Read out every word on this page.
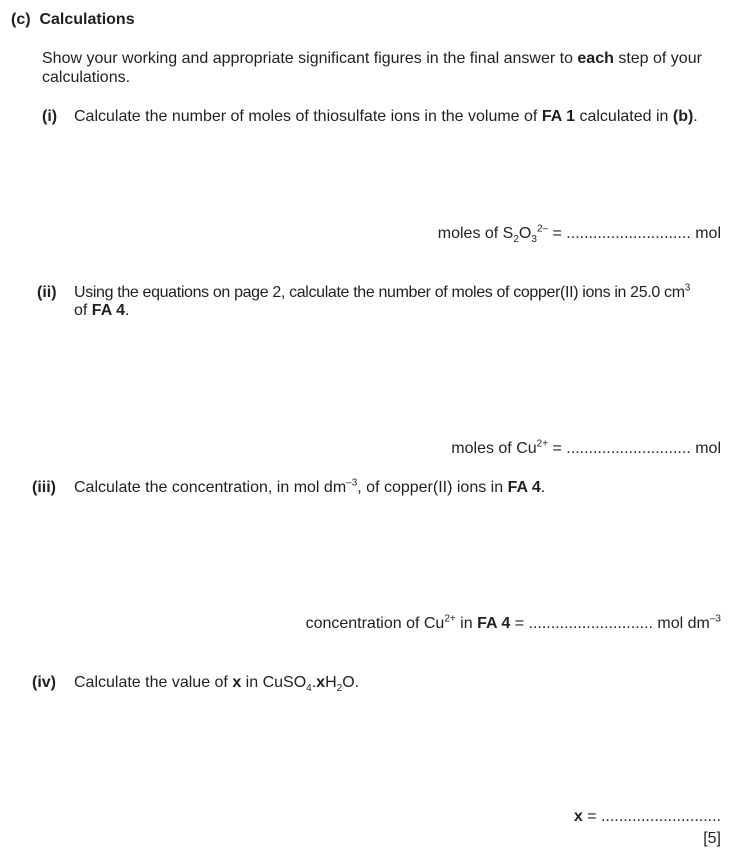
(c) Calculations
Show your working and appropriate significant figures in the final answer to each step of your
calculations.
(i) Calculate the number of moles of thiosulfate ions in the volume of FA 1 calculated in (b).
moles of $S_2O_3^{2-}$ = ............................ mol
(ii) Using the equations on page 2, calculate the number of moles of copper(II) ions in 25.0 $cm^3$
of FA 4.
moles of $Cu^{2+}$ = ............................ mol
(iii) Calculate the concentration, in mol $dm^{-3}$, of copper(II) ions in FA 4.
concentration of $Cu^{2+}$ in FA 4 = ............................ mol $dm^{-3}$
(iv) Calculate the value of x in $CuSO_4.xH_2O$.
x = ...........................
[5]
